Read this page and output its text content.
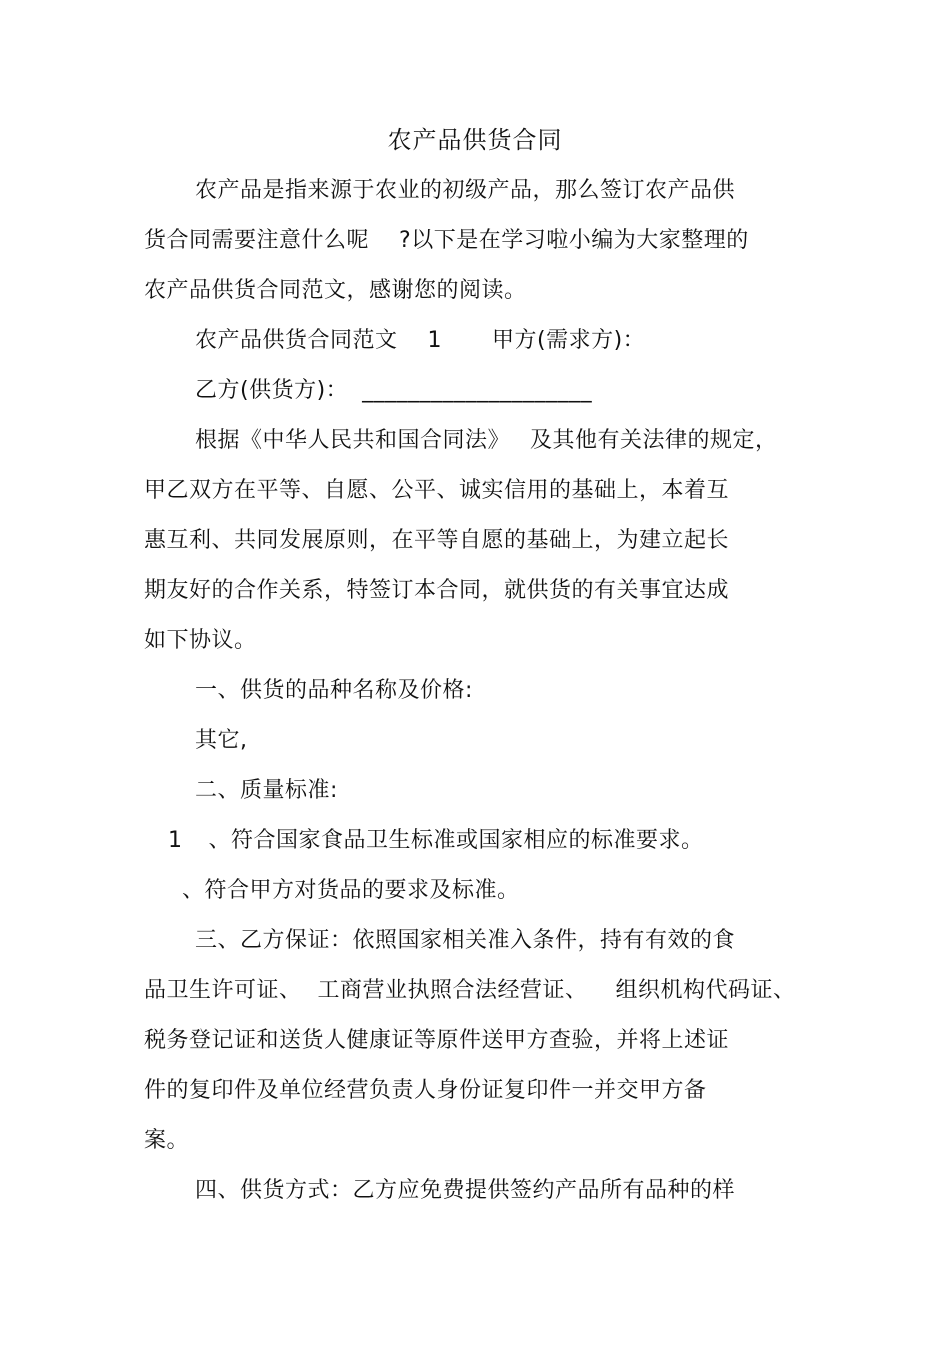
农产品供货合同
农产品是指来源于农业的初级产品，那么签订农产品供
货合同需要注意什么呢 ?以下是在学习啦小编为大家整理的
农产品供货合同范文，感谢您的阅读。
农产品供货合同范文 1 甲方(需求方)：
乙方(供货方)： ____________________
根据《中华人民共和国合同法》 及其他有关法律的规定，
甲乙双方在平等、自愿、公平、诚实信用的基础上，本着互
惠互利、共同发展原则，在平等自愿的基础上，为建立起长
期友好的合作关系，特签订本合同，就供货的有关事宜达成
如下协议。
一、供货的品种名称及价格:
其它,
二、质量标准:
1 、符合国家食品卫生标准或国家相应的标准要求。
、符合甲方对货品的要求及标准。
三、乙方保证：依照国家相关准入条件，持有有效的食
品卫生许可证、 工商营业执照合法经营证、 组织机构代码证、
税务登记证和送货人健康证等原件送甲方查验，并将上述证
件的复印件及单位经营负责人身份证复印件一并交甲方备
案。
四、供货方式：乙方应免费提供签约产品所有品种的样
